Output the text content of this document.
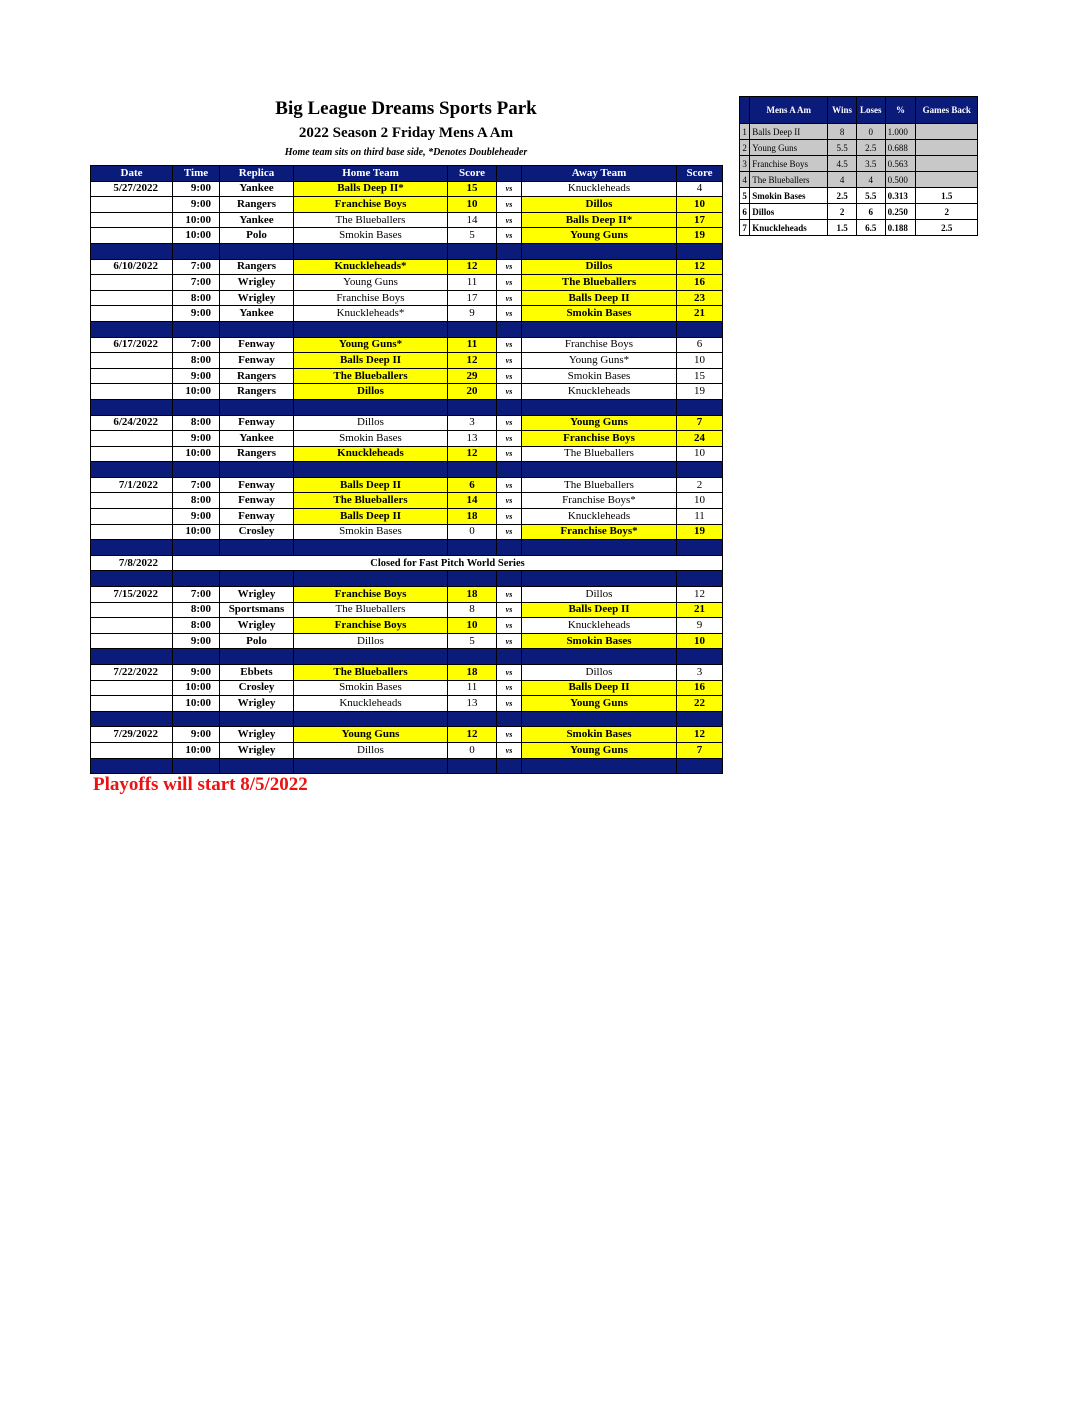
Big League Dreams Sports Park
2022 Season 2 Friday Mens A Am
Home team sits on third base side, *Denotes Doubleheader
Date	Time	Replica	Home Team	Score		Away Team	Score
5/27/2022	9:00	Yankee	Balls Deep II*	15	vs	Knuckleheads	4
	9:00	Rangers	Franchise Boys	10	vs	Dillos	10
	10:00	Yankee	The Blueballers	14	vs	Balls Deep II*	17
	10:00	Polo	Smokin Bases	5	vs	Young Guns	19

6/10/2022	7:00	Rangers	Knuckleheads*	12	vs	Dillos	12
	7:00	Wrigley	Young Guns	11	vs	The Blueballers	16
	8:00	Wrigley	Franchise Boys	17	vs	Balls Deep II	23
	9:00	Yankee	Knuckleheads*	9	vs	Smokin Bases	21

6/17/2022	7:00	Fenway	Young Guns*	11	vs	Franchise Boys	6
	8:00	Fenway	Balls Deep II	12	vs	Young Guns*	10
	9:00	Rangers	The Blueballers	29	vs	Smokin Bases	15
	10:00	Rangers	Dillos	20	vs	Knuckleheads	19

6/24/2022	8:00	Fenway	Dillos	3	vs	Young Guns	7
	9:00	Yankee	Smokin Bases	13	vs	Franchise Boys	24
	10:00	Rangers	Knuckleheads	12	vs	The Blueballers	10

7/1/2022	7:00	Fenway	Balls Deep II	6	vs	The Blueballers	2
	8:00	Fenway	The Blueballers	14	vs	Franchise Boys*	10
	9:00	Fenway	Balls Deep II	18	vs	Knuckleheads	11
	10:00	Crosley	Smokin Bases	0	vs	Franchise Boys*	19

7/8/2022	Closed for Fast Pitch World Series						

7/15/2022	7:00	Wrigley	Franchise Boys	18	vs	Dillos	12
	8:00	Sportsmans	The Blueballers	8	vs	Balls Deep II	21
	8:00	Wrigley	Franchise Boys	10	vs	Knuckleheads	9
	9:00	Polo	Dillos	5	vs	Smokin Bases	10

7/22/2022	9:00	Ebbets	The Blueballers	18	vs	Dillos	3
	10:00	Crosley	Smokin Bases	11	vs	Balls Deep II	16
	10:00	Wrigley	Knuckleheads	13	vs	Young Guns	22

7/29/2022	9:00	Wrigley	Young Guns	12	vs	Smokin Bases	12
	10:00	Wrigley	Dillos	0	vs	Young Guns	7

	Mens A Am	Wins	Loses	%	Games Back
1	Balls Deep II	8	0	1.000	
2	Young Guns	5.5	2.5	0.688	
3	Franchise Boys	4.5	3.5	0.563	
4	The Blueballers	4	4	0.500	
5	Smokin Bases	2.5	5.5	0.313	1.5
6	Dillos	2	6	0.250	2
7	Knuckleheads	1.5	6.5	0.188	2.5
Playoffs will start 8/5/2022
